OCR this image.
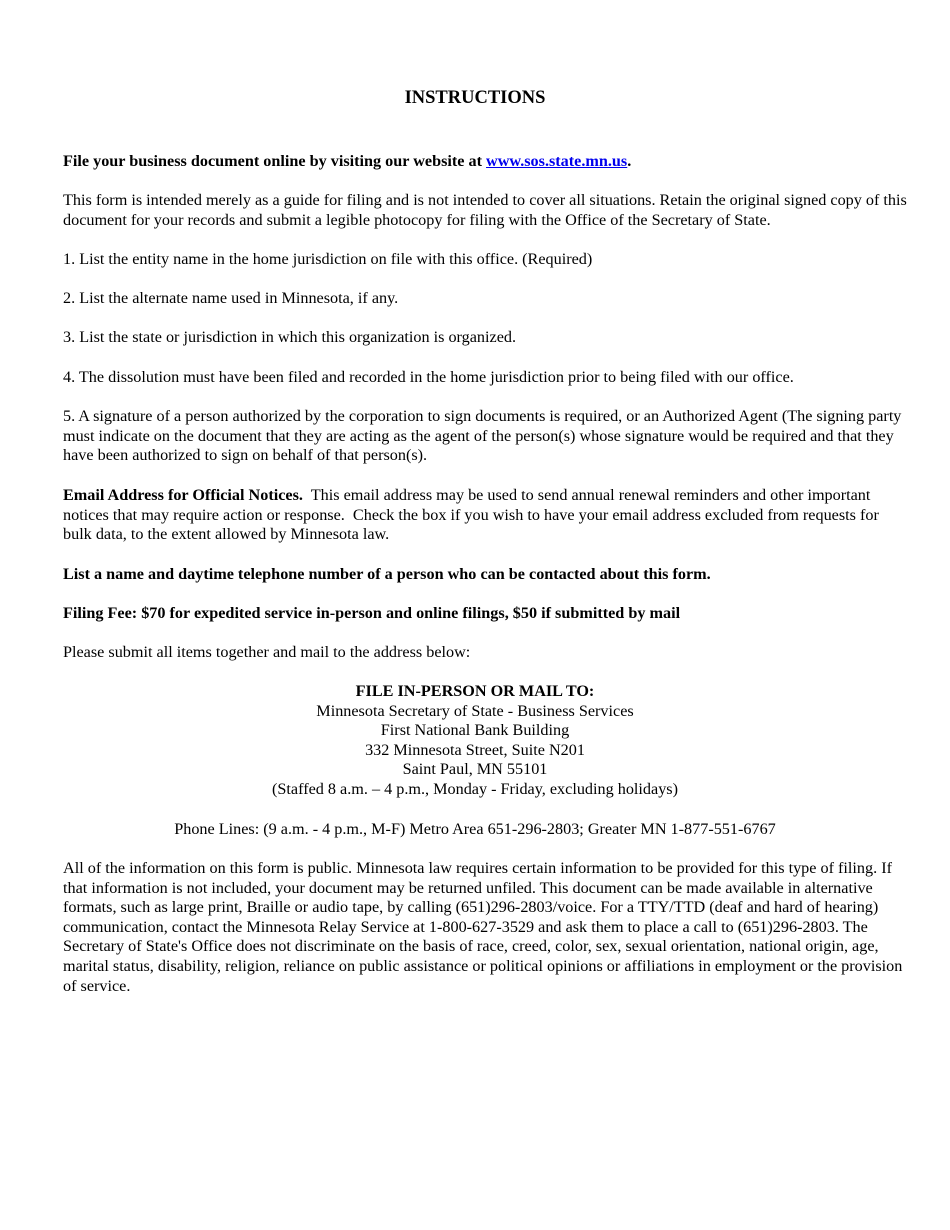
INSTRUCTIONS
File your business document online by visiting our website at www.sos.state.mn.us.
This form is intended merely as a guide for filing and is not intended to cover all situations. Retain the original signed copy of this document for your records and submit a legible photocopy for filing with the Office of the Secretary of State.
1. List the entity name in the home jurisdiction on file with this office. (Required)
2. List the alternate name used in Minnesota, if any.
3. List the state or jurisdiction in which this organization is organized.
4. The dissolution must have been filed and recorded in the home jurisdiction prior to being filed with our office.
5. A signature of a person authorized by the corporation to sign documents is required, or an Authorized Agent (The signing party must indicate on the document that they are acting as the agent of the person(s) whose signature would be required and that they have been authorized to sign on behalf of that person(s).
Email Address for Official Notices.  This email address may be used to send annual renewal reminders and other important notices that may require action or response.  Check the box if you wish to have your email address excluded from requests for bulk data, to the extent allowed by Minnesota law.
List a name and daytime telephone number of a person who can be contacted about this form.
Filing Fee: $70 for expedited service in-person and online filings, $50 if submitted by mail
Please submit all items together and mail to the address below:
FILE IN-PERSON OR MAIL TO:
Minnesota Secretary of State - Business Services
First National Bank Building
332 Minnesota Street, Suite N201
Saint Paul, MN 55101
(Staffed 8 a.m. – 4 p.m., Monday - Friday, excluding holidays)
Phone Lines: (9 a.m. - 4 p.m., M-F) Metro Area 651-296-2803; Greater MN 1-877-551-6767
All of the information on this form is public. Minnesota law requires certain information to be provided for this type of filing. If that information is not included, your document may be returned unfiled. This document can be made available in alternative formats, such as large print, Braille or audio tape, by calling (651)296-2803/voice. For a TTY/TTD (deaf and hard of hearing) communication, contact the Minnesota Relay Service at 1-800-627-3529 and ask them to place a call to (651)296-2803. The Secretary of State's Office does not discriminate on the basis of race, creed, color, sex, sexual orientation, national origin, age, marital status, disability, religion, reliance on public assistance or political opinions or affiliations in employment or the provision of service.
